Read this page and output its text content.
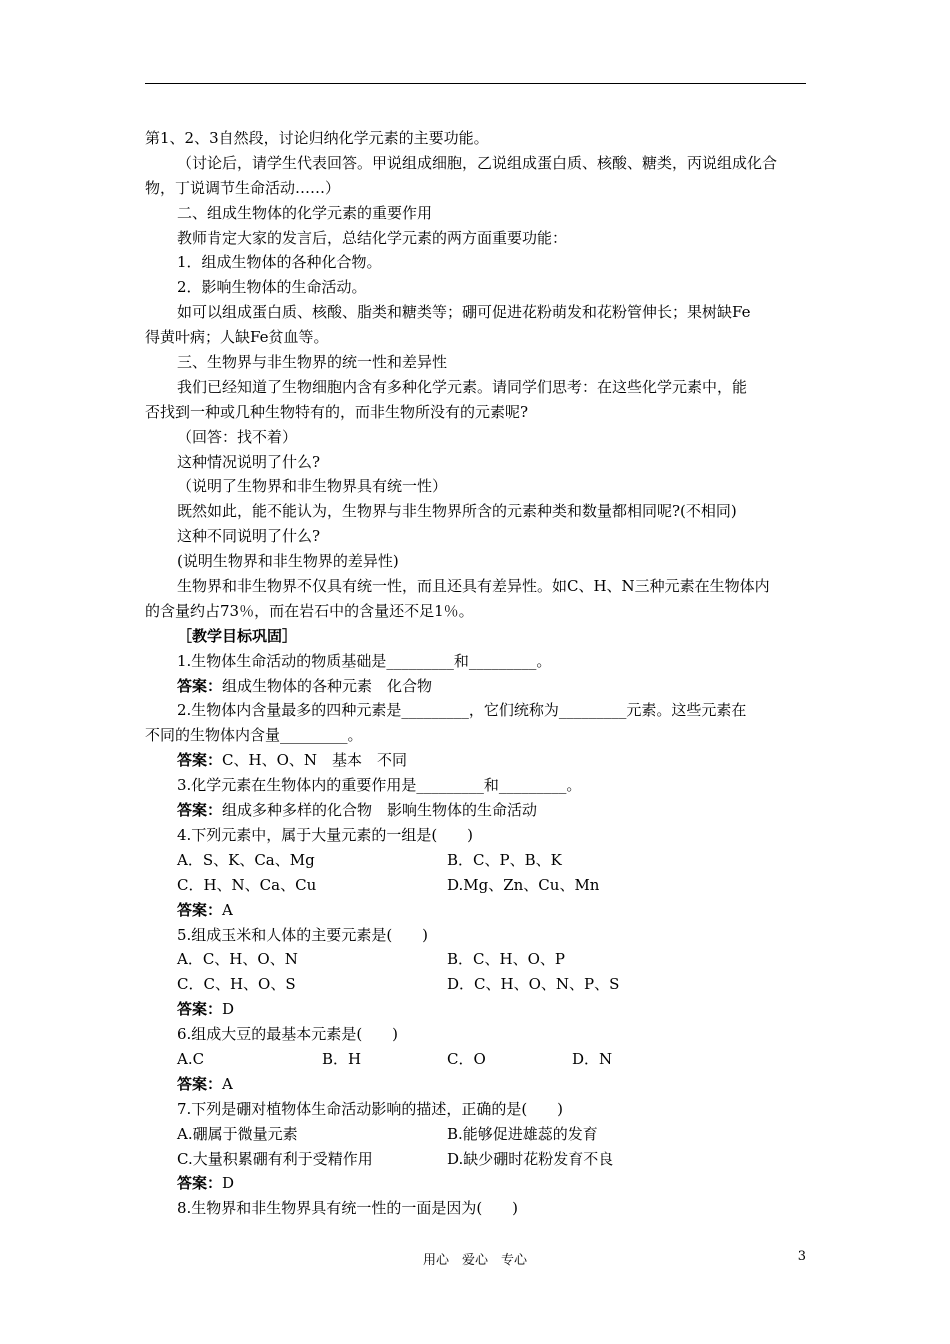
第1、2、3自然段，讨论归纳化学元素的主要功能。
（讨论后，请学生代表回答。甲说组成细胞，乙说组成蛋白质、核酸、糖类，丙说组成化合
物，丁说调节生命活动……）
二、组成生物体的化学元素的重要作用
教师肯定大家的发言后，总结化学元素的两方面重要功能：
1．组成生物体的各种化合物。
2．影响生物体的生命活动。
如可以组成蛋白质、核酸、脂类和糖类等；硼可促进花粉萌发和花粉管伸长；果树缺Fe
得黄叶病；人缺Fe贫血等。
三、生物界与非生物界的统一性和差异性
我们已经知道了生物细胞内含有多种化学元素。请同学们思考：在这些化学元素中，能
否找到一种或几种生物特有的，而非生物所没有的元素呢?
（回答：找不着）
这种情况说明了什么?
（说明了生物界和非生物界具有统一性）
既然如此，能不能认为，生物界与非生物界所含的元素种类和数量都相同呢?(不相同)
这种不同说明了什么?
(说明生物界和非生物界的差异性)
生物界和非生物界不仅具有统一性，而且还具有差异性。如C、H、N三种元素在生物体内
的含量约占73％，而在岩石中的含量还不足1％。
［教学目标巩固］
1.生物体生命活动的物质基础是_________和_________。
答案：组成生物体的各种元素　化合物
2.生物体内含量最多的四种元素是_________，它们统称为_________元素。这些元素在
不同的生物体内含量_________。
答案：C、H、O、N　基本　不同
3.化学元素在生物体内的重要作用是_________和_________。
答案：组成多种多样的化合物　影响生物体的生命活动
4.下列元素中，属于大量元素的一组是(　　)
A．S、K、Ca、Mg	B．C、P、B、K
C．H、N、Ca、Cu	D.Mg、Zn、Cu、Mn
答案：A
5.组成玉米和人体的主要元素是(　　)
A．C、H、O、N	B．C、H、O、P
C．C、H、O、S	D．C、H、O、N、P、S
答案：D
6.组成大豆的最基本元素是(　　)
A.C	B．H	C．O	D．N
答案：A
7.下列是硼对植物体生命活动影响的描述，正确的是(　　)
A.硼属于微量元素	B.能够促进雄蕊的发育
C.大量积累硼有利于受精作用	D.缺少硼时花粉发育不良
答案：D
8.生物界和非生物界具有统一性的一面是因为(　　)
用心　爱心　专心	3
